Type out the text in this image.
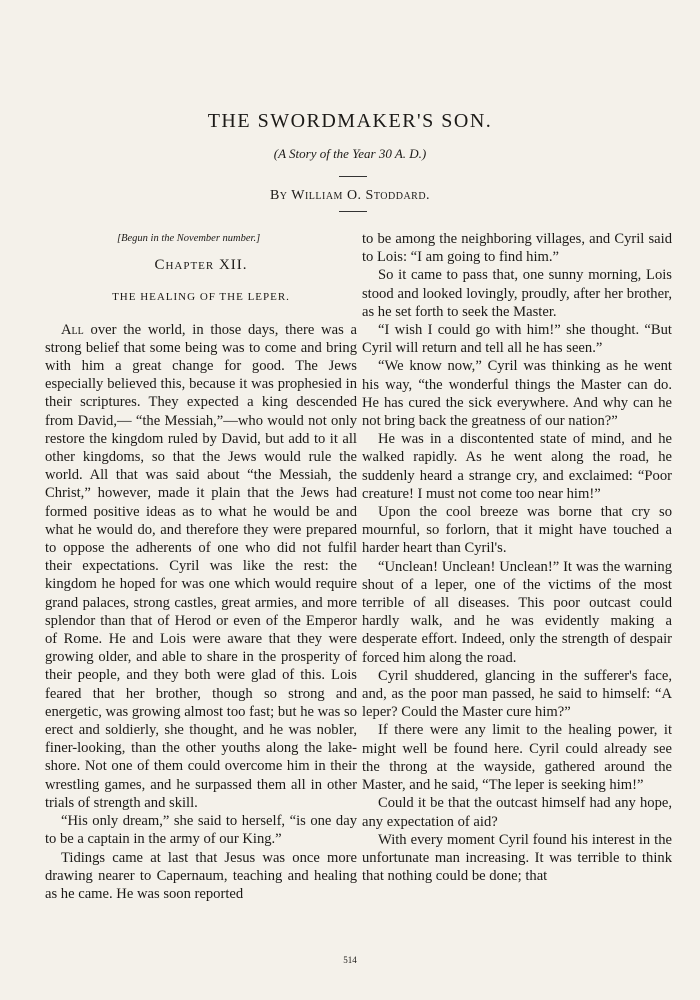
THE SWORDMAKER'S SON.
(A Story of the Year 30 A. D.)
By William O. Stoddard.
[Begun in the November number.]
Chapter XII.
THE HEALING OF THE LEPER.

All over the world, in those days, there was a strong belief that some being was to come and bring with him a great change for good. The Jews especially believed this, because it was prophesied in their scriptures. They expected a king descended from David,— “the Messiah,”—who would not only restore the kingdom ruled by David, but add to it all other kingdoms, so that the Jews would rule the world. All that was said about “the Messiah, the Christ,” however, made it plain that the Jews had formed positive ideas as to what he would be and what he would do, and therefore they were prepared to oppose the adherents of one who did not fulfil their expectations. Cyril was like the rest: the kingdom he hoped for was one which would require grand palaces, strong castles, great armies, and more splendor than that of Herod or even of the Emperor of Rome. He and Lois were aware that they were growing older, and able to share in the prosperity of their people, and they both were glad of this. Lois feared that her brother, though so strong and energetic, was growing almost too fast; but he was so erect and soldierly, she thought, and he was nobler, finer-looking, than the other youths along the lake-shore. Not one of them could overcome him in their wrestling games, and he surpassed them all in other trials of strength and skill.

“His only dream,” she said to herself, “is one day to be a captain in the army of our King.”

Tidings came at last that Jesus was once more drawing nearer to Capernaum, teaching and healing as he came. He was soon reported

to be among the neighboring villages, and Cyril said to Lois: “I am going to find him.”

So it came to pass that, one sunny morning, Lois stood and looked lovingly, proudly, after her brother, as he set forth to seek the Master.

“I wish I could go with him!” she thought. “But Cyril will return and tell all he has seen.”

“We know now,” Cyril was thinking as he went his way, “the wonderful things the Master can do. He has cured the sick everywhere. And why can he not bring back the greatness of our nation?”

He was in a discontented state of mind, and he walked rapidly. As he went along the road, he suddenly heard a strange cry, and exclaimed: “Poor creature! I must not come too near him!”

Upon the cool breeze was borne that cry so mournful, so forlorn, that it might have touched a harder heart than Cyril's.

“Unclean! Unclean! Unclean!” It was the warning shout of a leper, one of the victims of the most terrible of all diseases. This poor outcast could hardly walk, and he was evidently making a desperate effort. Indeed, only the strength of despair forced him along the road.

Cyril shuddered, glancing in the sufferer's face, and, as the poor man passed, he said to himself: “A leper? Could the Master cure him?”

If there were any limit to the healing power, it might well be found here. Cyril could already see the throng at the wayside, gathered around the Master, and he said, “The leper is seeking him!”

Could it be that the outcast himself had any hope, any expectation of aid?

With every moment Cyril found his interest in the unfortunate man increasing. It was terrible to think that nothing could be done; that

514
